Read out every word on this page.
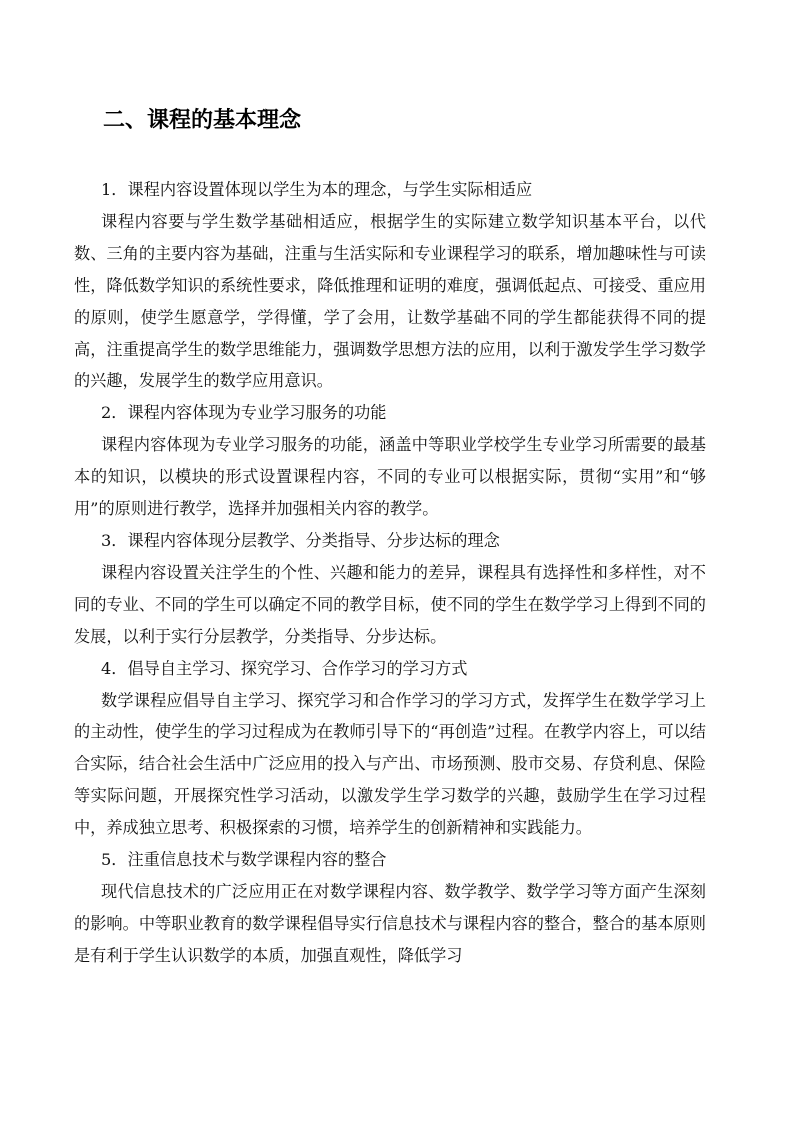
二、课程的基本理念

1．课程内容设置体现以学生为本的理念，与学生实际相适应

课程内容要与学生数学基础相适应，根据学生的实际建立数学知识基本平台，以代数、三角的主要内容为基础，注重与生活实际和专业课程学习的联系，增加趣味性与可读性，降低数学知识的系统性要求，降低推理和证明的难度，强调低起点、可接受、重应用的原则，使学生愿意学，学得懂，学了会用，让数学基础不同的学生都能获得不同的提高，注重提高学生的数学思维能力，强调数学思想方法的应用，以利于激发学生学习数学的兴趣，发展学生的数学应用意识。

2．课程内容体现为专业学习服务的功能

课程内容体现为专业学习服务的功能，涵盖中等职业学校学生专业学习所需要的最基本的知识，以模块的形式设置课程内容，不同的专业可以根据实际，贯彻“实用”和“够用”的原则进行教学，选择并加强相关内容的教学。

3．课程内容体现分层教学、分类指导、分步达标的理念

课程内容设置关注学生的个性、兴趣和能力的差异，课程具有选择性和多样性，对不同的专业、不同的学生可以确定不同的教学目标，使不同的学生在数学学习上得到不同的发展，以利于实行分层教学，分类指导、分步达标。

4．倡导自主学习、探究学习、合作学习的学习方式

数学课程应倡导自主学习、探究学习和合作学习的学习方式，发挥学生在数学学习上的主动性，使学生的学习过程成为在教师引导下的“再创造”过程。在教学内容上，可以结合实际，结合社会生活中广泛应用的投入与产出、市场预测、股市交易、存贷利息、保险等实际问题，开展探究性学习活动，以激发学生学习数学的兴趣，鼓励学生在学习过程中，养成独立思考、积极探索的习惯，培养学生的创新精神和实践能力。

5．注重信息技术与数学课程内容的整合

现代信息技术的广泛应用正在对数学课程内容、数学教学、数学学习等方面产生深刻的影响。中等职业教育的数学课程倡导实行信息技术与课程内容的整合，整合的基本原则是有利于学生认识数学的本质，加强直观性，降低学习
